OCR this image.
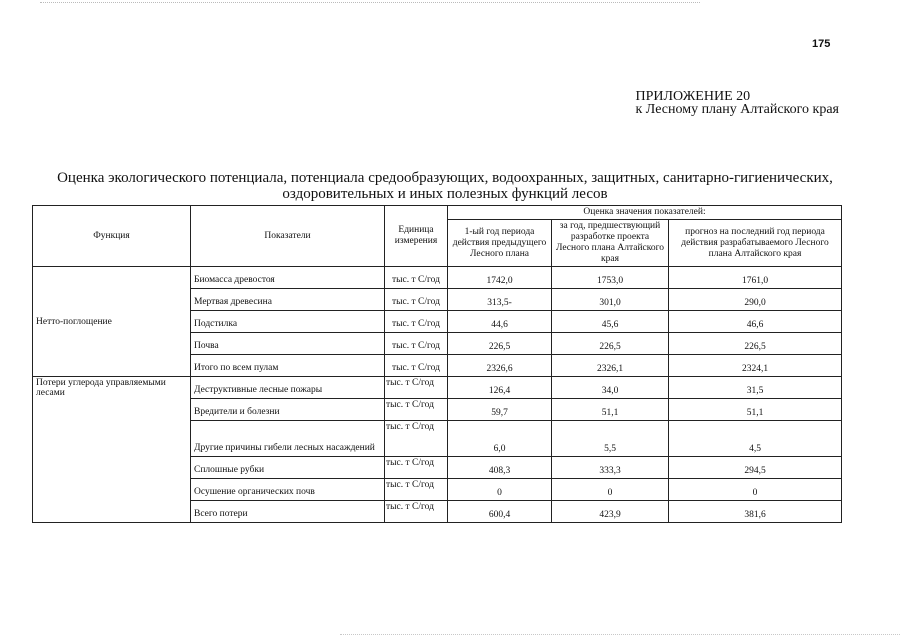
175
ПРИЛОЖЕНИЕ 20
к Лесному плану Алтайского края
Оценка экологического потенциала, потенциала средообразующих, водоохранных, защитных, санитарно-гигиенических,
оздоровительных и иных полезных функций лесов
Функция	Показатели	Единица измерения	Оценка значения показателей:		
			1-ый год периода действия предыдущего Лесного плана	за год, предшествующий разработке проекта Лесного плана Алтайского края	прогноз на последний год периода действия разрабатываемого Лесного плана Алтайского края
Нетто-поглощение	Биомасса древостоя	тыс. т С/год	1742,0	1753,0	1761,0
	Мертвая древесина	тыс. т С/год	313,5-	301,0	290,0
	Подстилка	тыс. т С/год	44,6	45,6	46,6
	Почва	тыс. т С/год	226,5	226,5	226,5
	Итого по всем пулам	тыс. т С/год	2326,6	2326,1	2324,1
Потери углерода управляемыми лесами	Деструктивные лесные пожары	тыс. т С/год	126,4	34,0	31,5
	Вредители и болезни	тыс. т С/год	59,7	51,1	51,1
	Другие причины гибели лесных насаждений	тыс. т С/год	6,0	5,5	4,5
	Сплошные рубки	тыс. т С/год	408,3	333,3	294,5
	Осушение органических почв	тыс. т С/год	0	0	0
	Всего потери	тыс. т С/год	600,4	423,9	381,6
